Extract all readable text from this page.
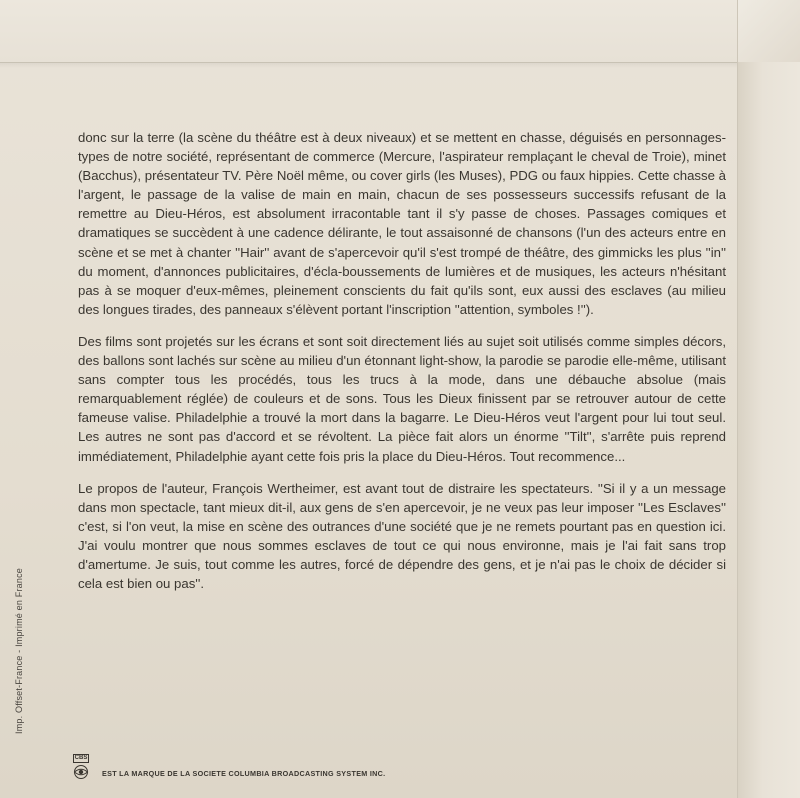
donc sur la terre (la scène du théâtre est à deux niveaux) et se mettent en chasse, déguisés en personnages-types de notre société, représentant de commerce (Mercure, l'aspirateur remplaçant le cheval de Troie), minet (Bacchus), présentateur TV. Père Noël même, ou cover girls (les Muses), PDG ou faux hippies. Cette chasse à l'argent, le passage de la valise de main en main, chacun de ses possesseurs successifs refusant de la remettre au Dieu-Héros, est absolument irracontable tant il s'y passe de choses. Passages comiques et dramatiques se succèdent à une cadence délirante, le tout assaisonné de chansons (l'un des acteurs entre en scène et se met à chanter ''Hair'' avant de s'apercevoir qu'il s'est trompé de théâtre, des gimmicks les plus ''in'' du moment, d'annonces publicitaires, d'écla-boussements de lumières et de musiques, les acteurs n'hésitant pas à se moquer d'eux-mêmes, pleinement conscients du fait qu'ils sont, eux aussi des esclaves (au milieu des longues tirades, des panneaux s'élèvent portant l'inscription ''attention, symboles !'').

Des films sont projetés sur les écrans et sont soit directement liés au sujet soit utilisés comme simples décors, des ballons sont lachés sur scène au milieu d'un étonnant light-show, la parodie se parodie elle-même, utilisant sans compter tous les procédés, tous les trucs à la mode, dans une débauche absolue (mais remarquablement réglée) de couleurs et de sons. Tous les Dieux finissent par se retrouver autour de cette fameuse valise. Philadelphie a trouvé la mort dans la bagarre. Le Dieu-Héros veut l'argent pour lui tout seul. Les autres ne sont pas d'accord et se révoltent. La pièce fait alors un énorme ''Tilt'', s'arrête puis reprend immédiatement, Philadelphie ayant cette fois pris la place du Dieu-Héros. Tout recommence...

Le propos de l'auteur, François Wertheimer, est avant tout de distraire les spectateurs. ''Si il y a un message dans mon spectacle, tant mieux dit-il, aux gens de s'en apercevoir, je ne veux pas leur imposer ''Les Esclaves'' c'est, si l'on veut, la mise en scène des outrances d'une société que je ne remets pourtant pas en question ici. J'ai voulu montrer que nous sommes esclaves de tout ce qui nous environne, mais je l'ai fait sans trop d'amertume. Je suis, tout comme les autres, forcé de dépendre des gens, et je n'ai pas le choix de décider si cela est bien ou pas''.

Imp. Offset-France - Imprimé en France
CBS
EST LA MARQUE DE LA SOCIETE COLUMBIA BROADCASTING SYSTEM INC.
